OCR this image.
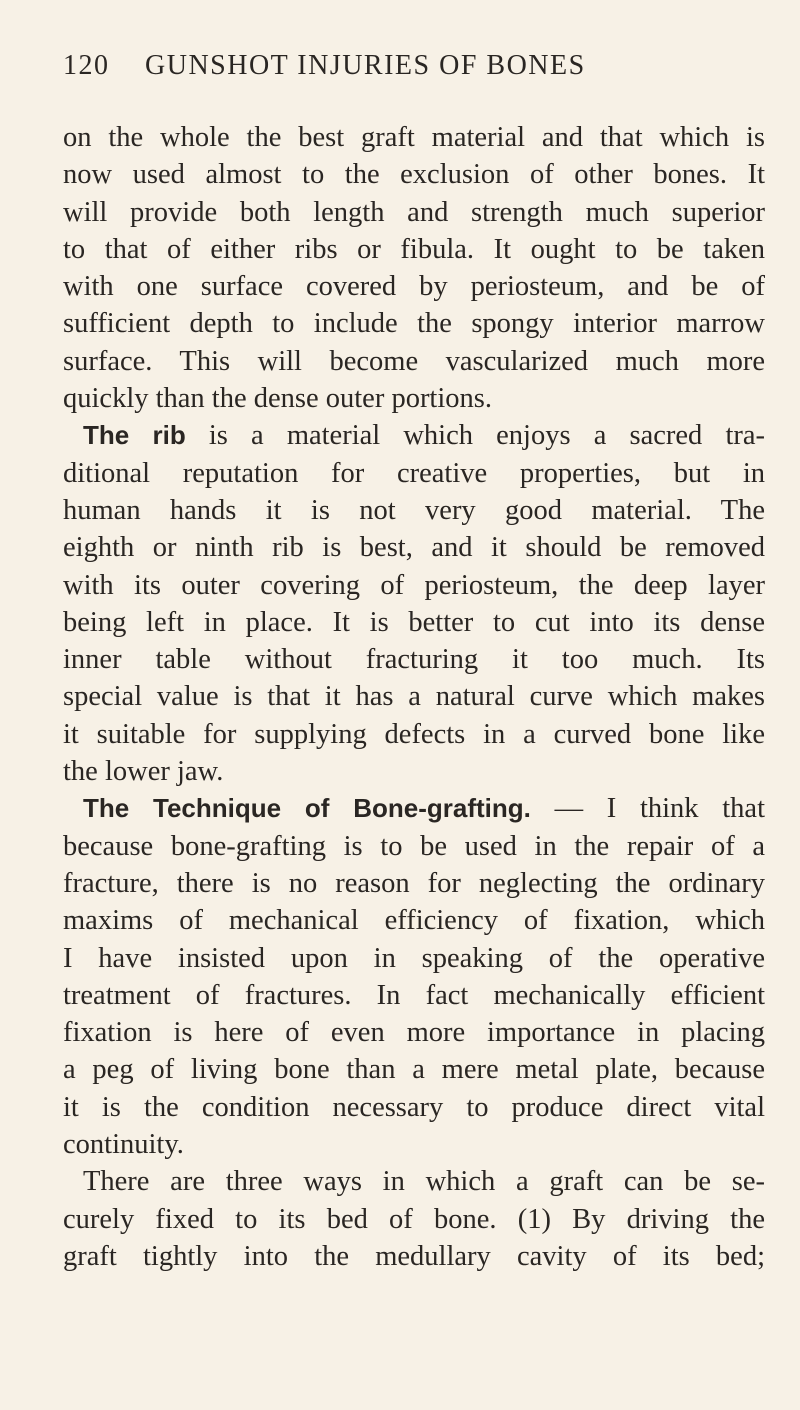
120 GUNSHOT INJURIES OF BONES
on the whole the best graft material and that which is
now used almost to the exclusion of other bones. It
will provide both length and strength much superior
to that of either ribs or fibula. It ought to be taken
with one surface covered by periosteum, and be of
sufficient depth to include the spongy interior marrow
surface. This will become vascularized much more
quickly than the dense outer portions.
The rib is a material which enjoys a sacred tra-
ditional reputation for creative properties, but in
human hands it is not very good material. The
eighth or ninth rib is best, and it should be removed
with its outer covering of periosteum, the deep layer
being left in place. It is better to cut into its dense
inner table without fracturing it too much. Its
special value is that it has a natural curve which makes
it suitable for supplying defects in a curved bone like
the lower jaw.
The Technique of Bone-grafting. — I think that
because bone-grafting is to be used in the repair of a
fracture, there is no reason for neglecting the ordinary
maxims of mechanical efficiency of fixation, which
I have insisted upon in speaking of the operative
treatment of fractures. In fact mechanically efficient
fixation is here of even more importance in placing
a peg of living bone than a mere metal plate, because
it is the condition necessary to produce direct vital
continuity.
There are three ways in which a graft can be se-
curely fixed to its bed of bone. (1) By driving the
graft tightly into the medullary cavity of its bed;
